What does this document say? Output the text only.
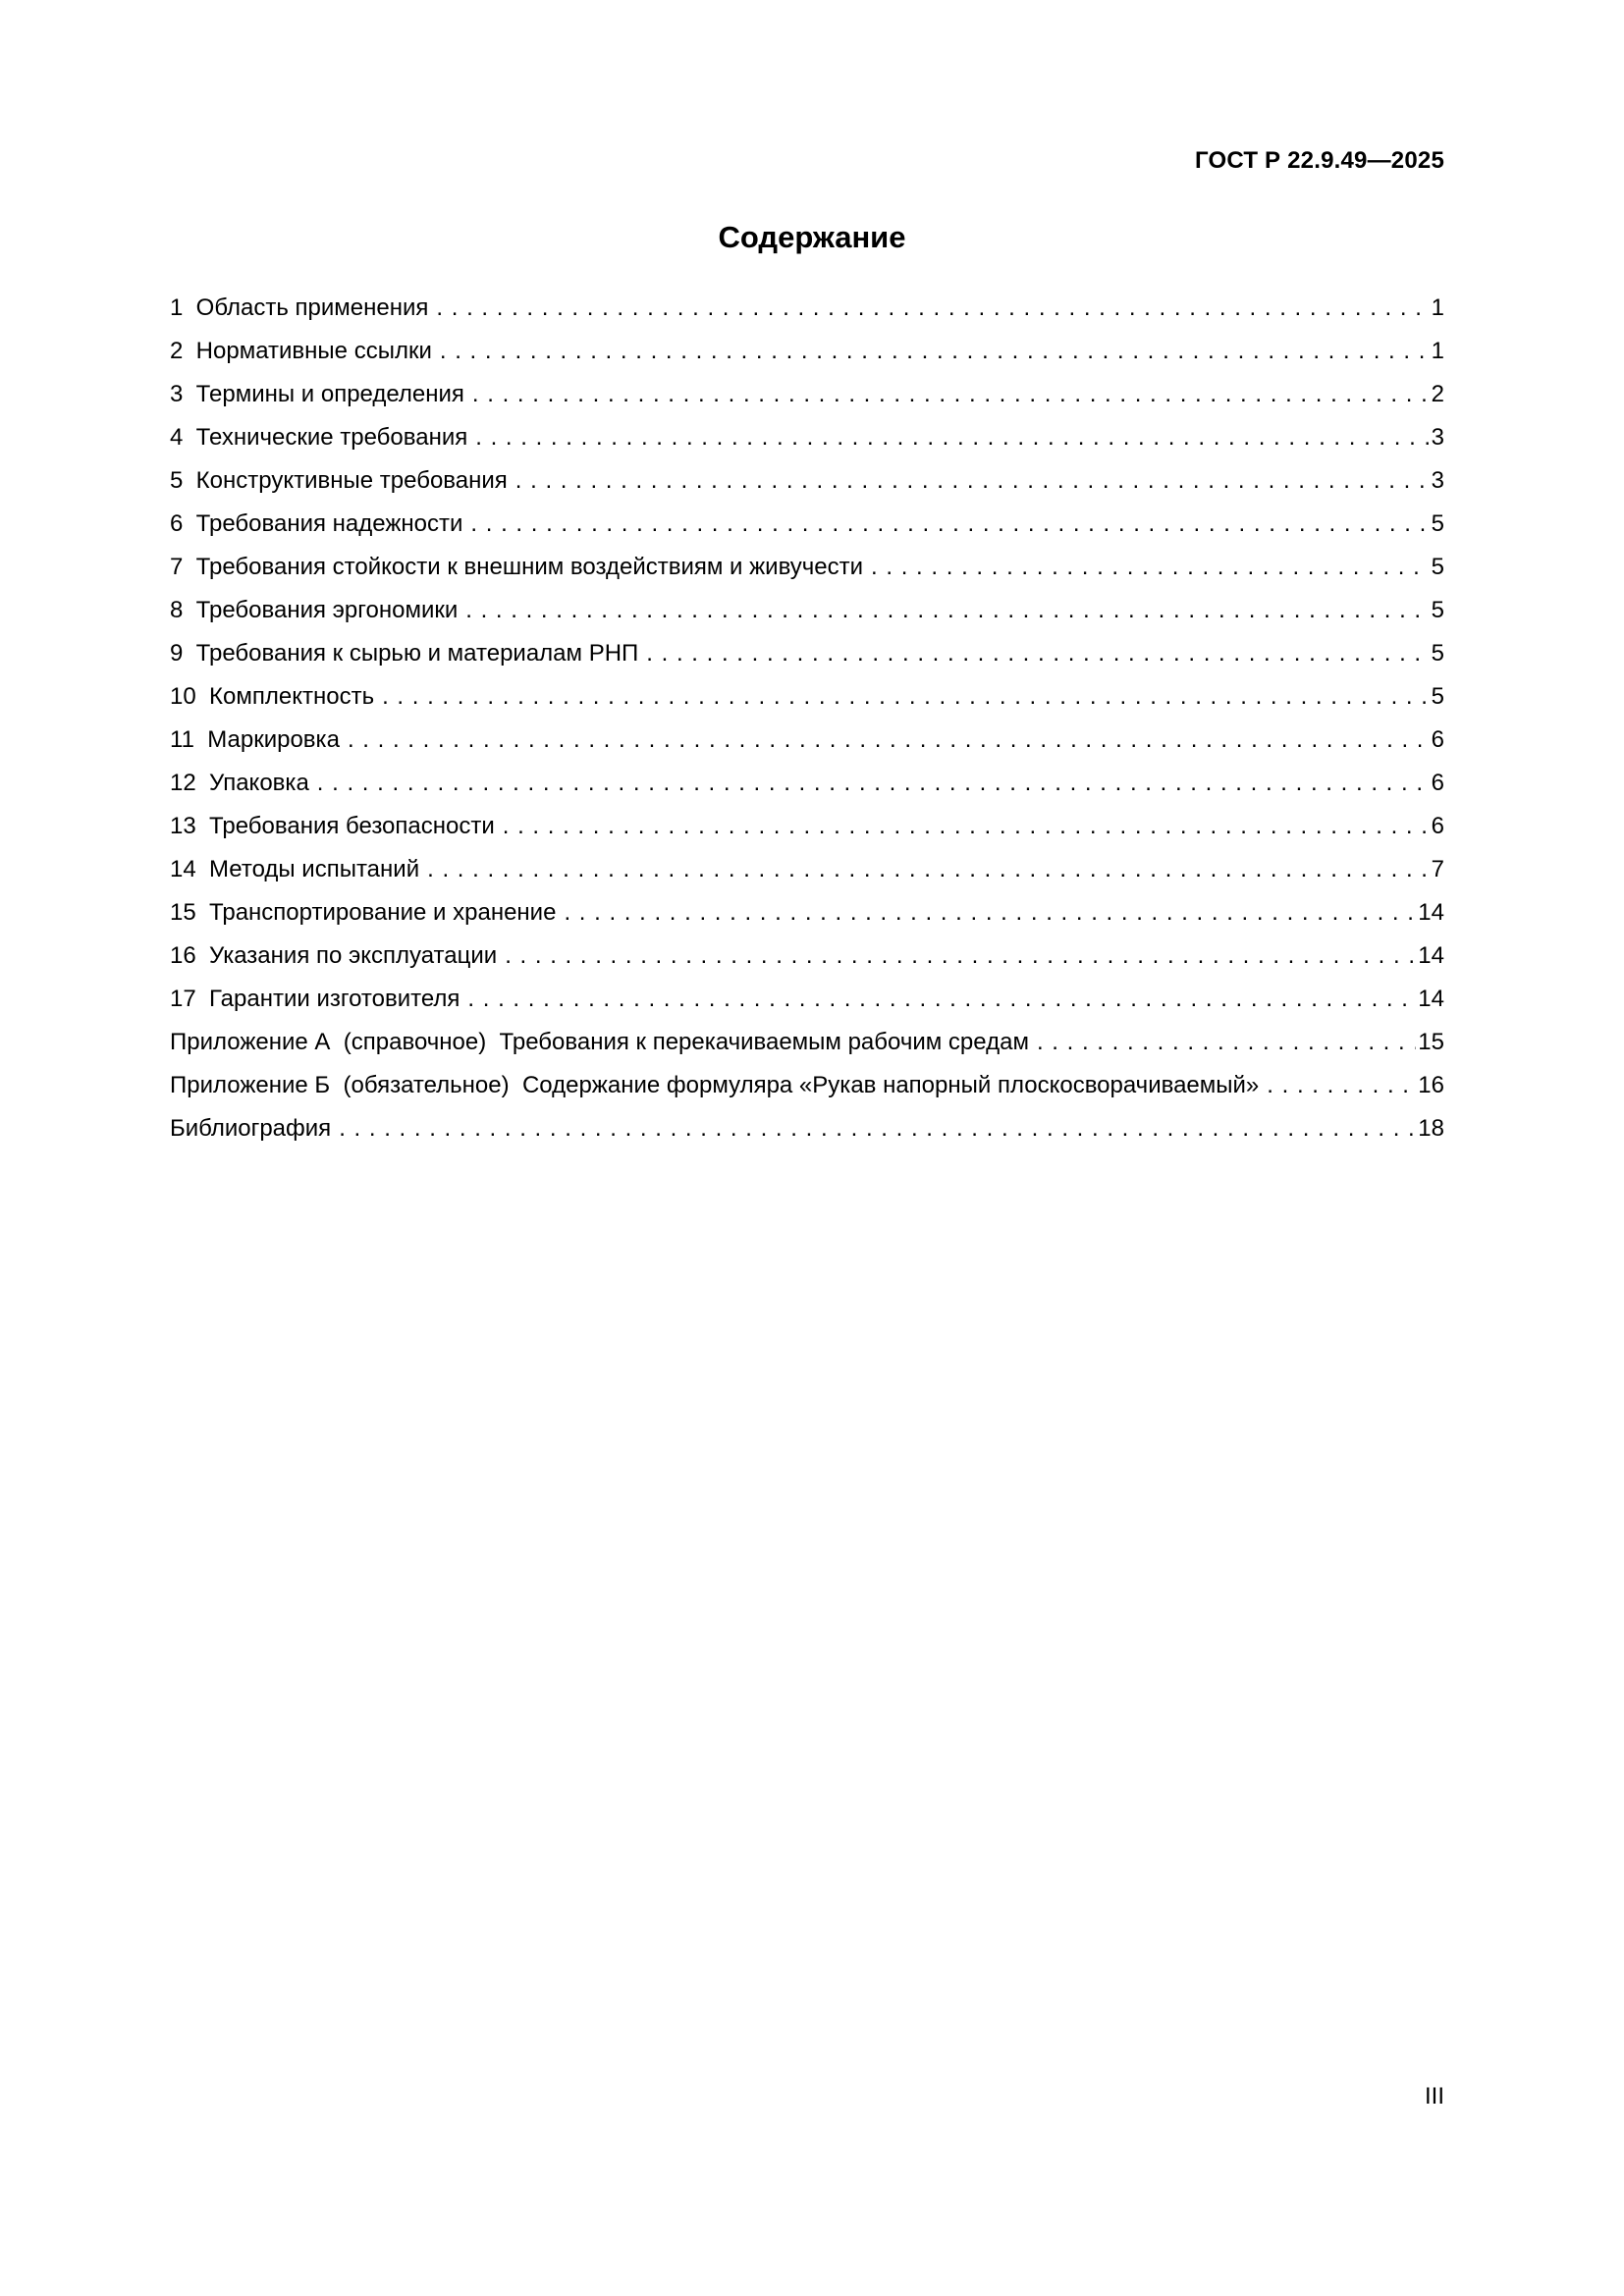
ГОСТ Р 22.9.49—2025
Содержание
1  Область применения . . .	1
2  Нормативные ссылки . . .	1
3  Термины и определения . . .	2
4  Технические требования . . .	3
5  Конструктивные требования . . .	3
6  Требования надежности . . .	5
7  Требования стойкости к внешним воздействиям и живучести . . .	5
8  Требования эргономики . . .	5
9  Требования к сырью и материалам РНП . . .	5
10  Комплектность . . .	5
11  Маркировка . . .	6
12  Упаковка . . .	6
13  Требования безопасности . . .	6
14  Методы испытаний . . .	7
15  Транспортирование и хранение . . .	14
16  Указания по эксплуатации . . .	14
17  Гарантии изготовителя . . .	14
Приложение А  (справочное)  Требования к перекачиваемым рабочим средам . . .	15
Приложение Б  (обязательное)  Содержание формуляра «Рукав напорный плоскосворачиваемый» . . .	16
Библиография . . .	18
III
